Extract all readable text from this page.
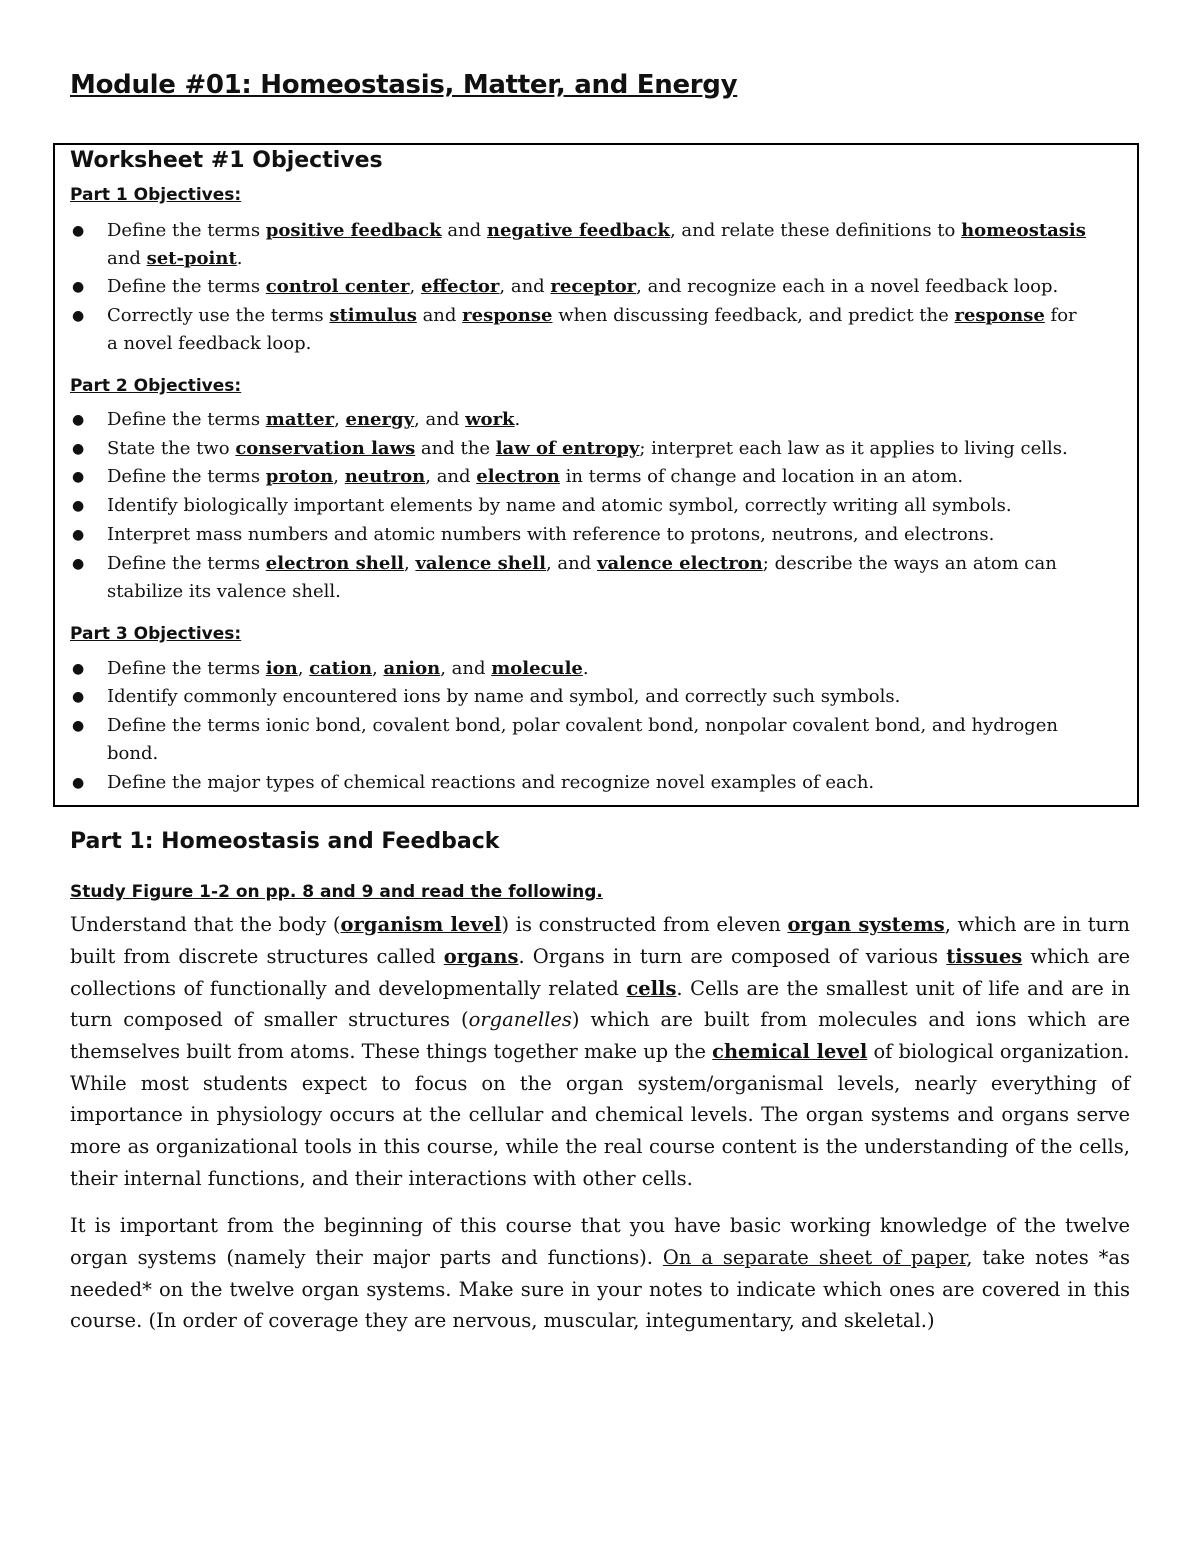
Module #01: Homeostasis, Matter, and Energy
Worksheet #1 Objectives
Part 1 Objectives:
●
Define the terms positive feedback and negative feedback, and relate these definitions to homeostasis
and set-point.
●
Define the terms control center, effector, and receptor, and recognize each in a novel feedback loop.
●
Correctly use the terms stimulus and response when discussing feedback, and predict the response for
a novel feedback loop.
Part 2 Objectives:
●
Define the terms matter, energy, and work.
●
State the two conservation laws and the law of entropy; interpret each law as it applies to living cells.
●
Define the terms proton, neutron, and electron in terms of change and location in an atom.
●
Identify biologically important elements by name and atomic symbol, correctly writing all symbols.
●
Interpret mass numbers and atomic numbers with reference to protons, neutrons, and electrons.
●
Define the terms electron shell, valence shell, and valence electron; describe the ways an atom can
stabilize its valence shell.
Part 3 Objectives:
●
Define the terms ion, cation, anion, and molecule.
●
Identify commonly encountered ions by name and symbol, and correctly such symbols.
●
Define the terms ionic bond, covalent bond, polar covalent bond, nonpolar covalent bond, and hydrogen
bond.
●
Define the major types of chemical reactions and recognize novel examples of each.
Part 1: Homeostasis and Feedback
Study Figure 1-2 on pp. 8 and 9 and read the following.
Understand that the body (organism level) is constructed from eleven organ systems, which are in turn
built from discrete structures called organs. Organs in turn are composed of various tissues which are
collections of functionally and developmentally related cells. Cells are the smallest unit of life and are in
turn composed of smaller structures (organelles) which are built from molecules and ions which are
themselves built from atoms. These things together make up the chemical level of biological organization.
While most students expect to focus on the organ system/organismal levels, nearly everything of
importance in physiology occurs at the cellular and chemical levels. The organ systems and organs serve
more as organizational tools in this course, while the real course content is the understanding of the cells,
their internal functions, and their interactions with other cells.
It is important from the beginning of this course that you have basic working knowledge of the twelve
organ systems (namely their major parts and functions). On a separate sheet of paper, take notes *as
needed* on the twelve organ systems. Make sure in your notes to indicate which ones are covered in this
course. (In order of coverage they are nervous, muscular, integumentary, and skeletal.)
